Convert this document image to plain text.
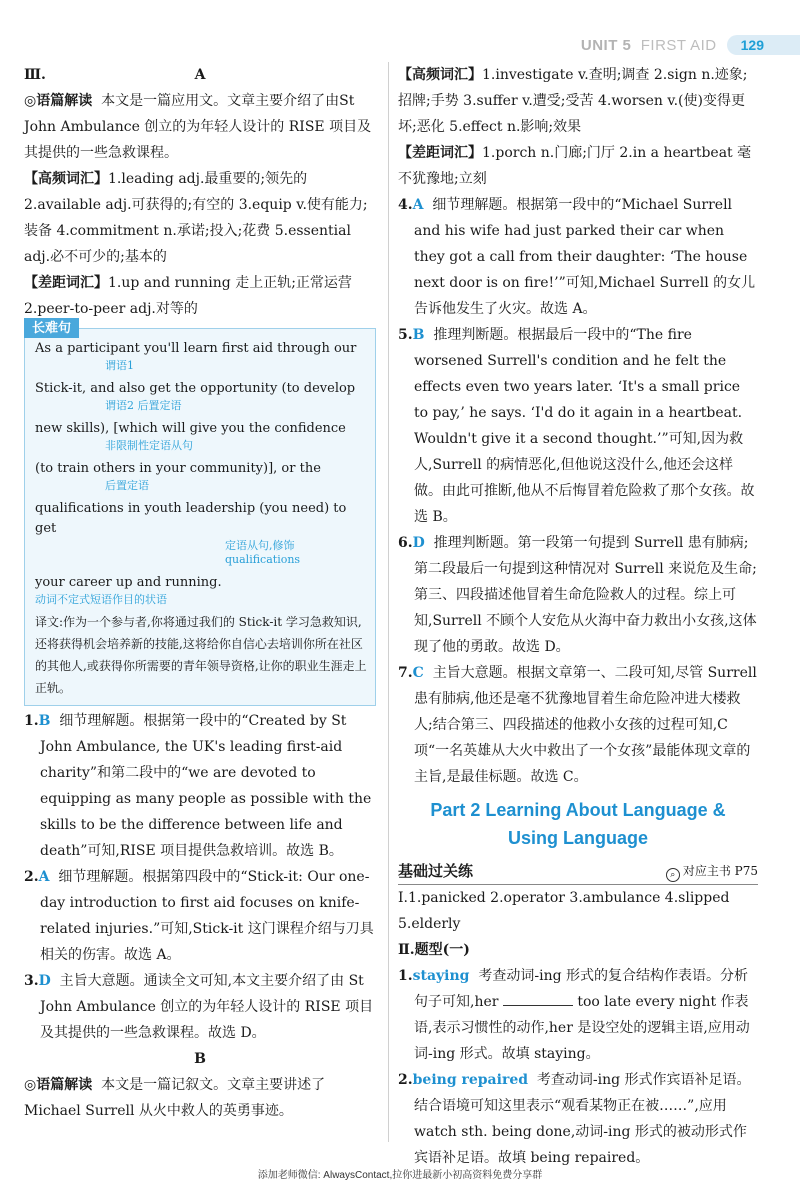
UNIT 5 FIRST AID	129

Ⅲ.	A

◎语篇解读 本文是一篇应用文。文章主要介绍了由St John Ambulance 创立的为年轻人设计的 RISE 项目及其提供的一些急救课程。

【高频词汇】1.leading adj.最重要的;领先的 2.available adj.可获得的;有空的 3.equip v.使有能力;装备 4.commitment n.承诺;投入;花费 5.essential adj.必不可少的;基本的

【差距词汇】1.up and running 走上正轨;正常运营 2.peer-to-peer adj.对等的

长难句

As a participant you'll learn first aid through our

谓语1

Stick-it, and also get the opportunity (to develop

谓语2 后置定语

new skills), [which will give you the confidence

非限制性定语从句

(to train others in your community)], or the

后置定语

qualifications in youth leadership (you need) to get

定语从句,修饰 qualifications

your career up and running.

动词不定式短语作目的状语

译文:作为一个参与者,你将通过我们的 Stick-it 学习急救知识,还将获得机会培养新的技能,这将给你自信心去培训你所在社区的其他人,或获得你所需要的青年领导资格,让你的职业生涯走上正轨。

1.B 细节理解题。根据第一段中的“Created by St John Ambulance, the UK's leading first-aid charity”和第二段中的“we are devoted to equipping as many people as possible with the skills to be the difference between life and death”可知,RISE 项目提供急救培训。故选 B。

2.A 细节理解题。根据第四段中的“Stick-it: Our one-day introduction to first aid focuses on knife-related injuries.”可知,Stick-it 这门课程介绍与刀具相关的伤害。故选 A。

3.D 主旨大意题。通读全文可知,本文主要介绍了由 St John Ambulance 创立的为年轻人设计的 RISE 项目及其提供的一些急救课程。故选 D。

B

◎语篇解读 本文是一篇记叙文。文章主要讲述了 Michael Surrell 从火中救人的英勇事迹。

【高频词汇】1.investigate v.查明;调查 2.sign n.迹象;招牌;手势 3.suffer v.遭受;受苦 4.worsen v.(使)变得更坏;恶化 5.effect n.影响;效果

【差距词汇】1.porch n.门廊;门厅 2.in a heartbeat 毫不犹豫地;立刻

4.A 细节理解题。根据第一段中的“Michael Surrell and his wife had just parked their car when they got a call from their daughter: ‘The house next door is on fire!’”可知,Michael Surrell 的女儿告诉他发生了火灾。故选 A。

5.B 推理判断题。根据最后一段中的“The fire worsened Surrell's condition and he felt the effects even two years later. ‘It's a small price to pay,’ he says. ‘I'd do it again in a heartbeat. Wouldn't give it a second thought.’”可知,因为救人,Surrell 的病情恶化,但他说这没什么,他还会这样做。由此可推断,他从不后悔冒着危险救了那个女孩。故选 B。

6.D 推理判断题。第一段第一句提到 Surrell 患有肺病;第二段最后一句提到这种情况对 Surrell 来说危及生命;第三、四段描述他冒着生命危险救人的过程。综上可知,Surrell 不顾个人安危从火海中奋力救出小女孩,这体现了他的勇敢。故选 D。

7.C 主旨大意题。根据文章第一、二段可知,尽管 Surrell 患有肺病,他还是毫不犹豫地冒着生命危险冲进大楼救人;结合第三、四段描述的他救小女孩的过程可知,C 项“一名英雄从大火中救出了一个女孩”最能体现文章的主旨,是最佳标题。故选 C。

Part 2 Learning About Language &

Using Language

基础过关练	⌕ 对应主书 P75

Ⅰ.1.panicked 2.operator 3.ambulance 4.slipped

5.elderly

Ⅱ.题型(一)

1.staying 考查动词-ing 形式的复合结构作表语。分析句子可知,her	too late every night 作表语,表示习惯性的动作,her 是设空处的逻辑主语,应用动词-ing 形式。故填 staying。

2.being repaired 考查动词-ing 形式作宾语补足语。结合语境可知这里表示“观看某物正在被……”,应用 watch sth. being done,动词-ing 形式的被动形式作宾语补足语。故填 being repaired。

添加老师微信: AlwaysContact,拉你进最新小初高资料免费分享群
